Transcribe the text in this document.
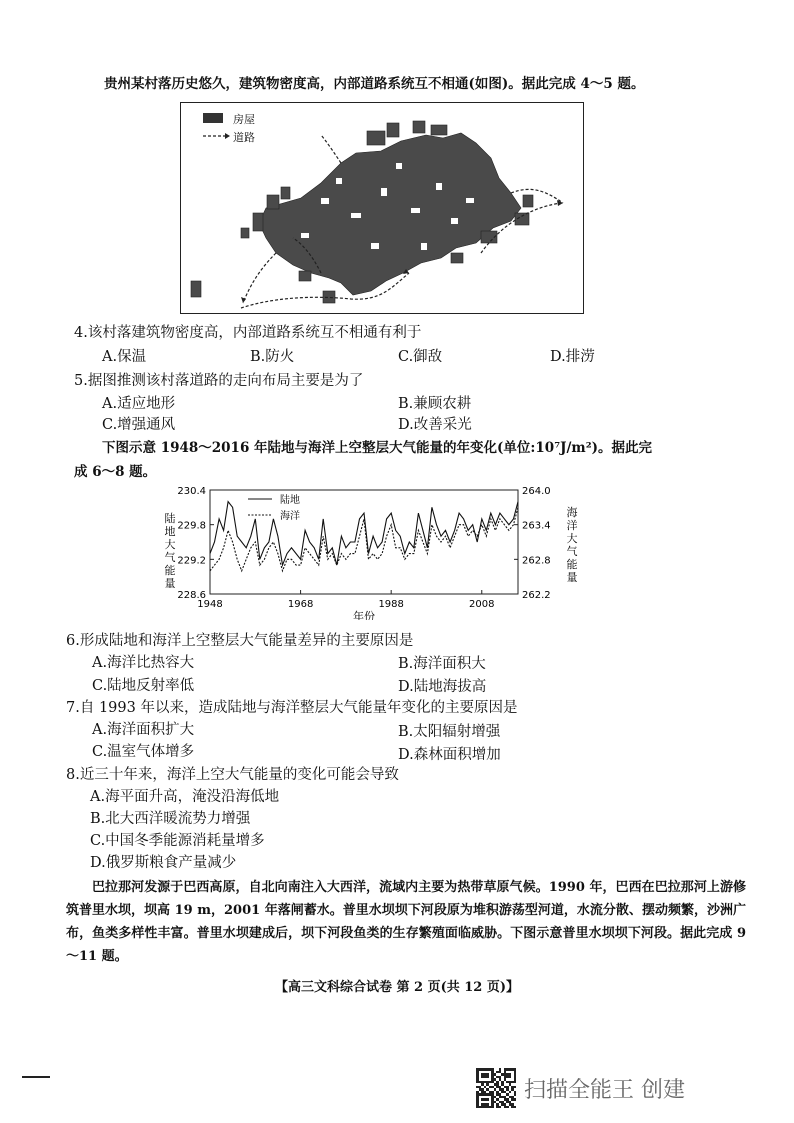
贵州某村落历史悠久，建筑物密度高，内部道路系统互不相通(如图)。据此完成 4～5 题。
房屋
道路
4.该村落建筑物密度高，内部道路系统互不相通有利于
A.保温	B.防火	C.御敌	D.排涝
5.据图推测该村落道路的走向布局主要是为了
A.适应地形	B.兼顾农耕
C.增强通风	D.改善采光
下图示意 1948～2016 年陆地与海洋上空整层大气能量的年变化(单位:10⁷J/m²)。据此完
成 6～8 题。
230.4
229.8
229.2
228.6
264.0
263.4
262.8
262.2
1948	1968	1988	2008
年份
陆
地
大
气
能
量
海
洋
大
气
能
量
陆地
海洋
6.形成陆地和海洋上空整层大气能量差异的主要原因是
A.海洋比热容大	B.海洋面积大
C.陆地反射率低	D.陆地海拔高
7.自 1993 年以来，造成陆地与海洋整层大气能量年变化的主要原因是
A.海洋面积扩大	B.太阳辐射增强
C.温室气体增多	D.森林面积增加
8.近三十年来，海洋上空大气能量的变化可能会导致
A.海平面升高，淹没沿海低地
B.北大西洋暖流势力增强
C.中国冬季能源消耗量增多
D.俄罗斯粮食产量减少
巴拉那河发源于巴西高原，自北向南注入大西洋，流域内主要为热带草原气候。1990 年，巴西在巴拉那河上游修筑普里水坝，坝高 19 m，2001 年落闸蓄水。普里水坝坝下河段原为堆积游荡型河道，水流分散、摆动频繁，沙洲广布，鱼类多样性丰富。普里水坝建成后，坝下河段鱼类的生存繁殖面临威胁。下图示意普里水坝坝下河段。据此完成 9～11 题。
【高三文科综合试卷 第 2 页(共 12 页)】
扫描全能王 创建
